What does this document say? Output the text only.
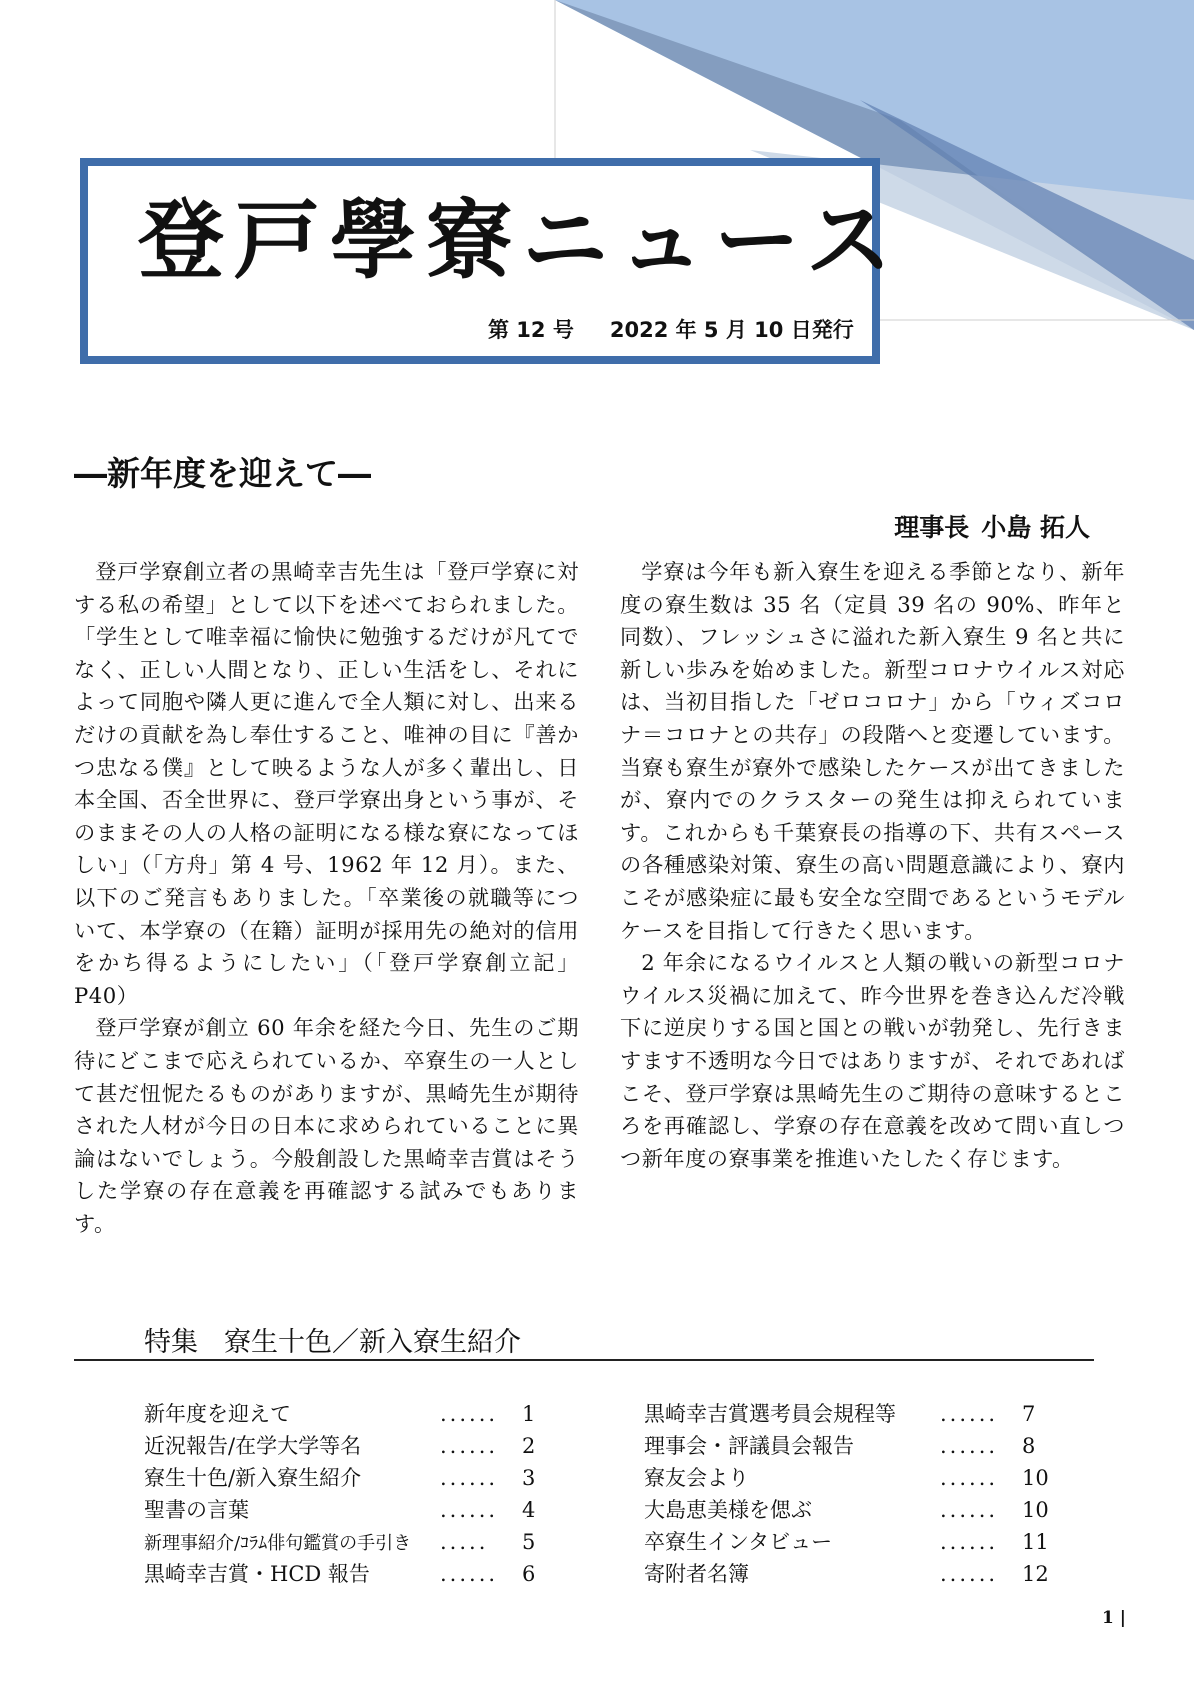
登戸學寮ニュース
第 12 号 2022 年 5 月 10 日発行
―新年度を迎えて―
理事長 小島 拓人

登戸学寮創立者の黒崎幸吉先生は「登戸学寮に対する私の希望」として以下を述べておられました。「学生として唯幸福に愉快に勉強するだけが凡てでなく、正しい人間となり、正しい生活をし、それによって同胞や隣人更に進んで全人類に対し、出来るだけの貢献を為し奉仕すること、唯神の目に『善かつ忠なる僕』として映るような人が多く輩出し、日本全国、否全世界に、登戸学寮出身という事が、そのままその人の人格の証明になる様な寮になってほしい」（「方舟」第 4 号、1962 年 12 月）。また、以下のご発言もありました。「卒業後の就職等について、本学寮の（在籍）証明が採用先の絶対的信用をかち得るようにしたい」（「登戸学寮創立記」P40）

登戸学寮が創立 60 年余を経た今日、先生のご期待にどこまで応えられているか、卒寮生の一人として甚だ忸怩たるものがありますが、黒崎先生が期待された人材が今日の日本に求められていることに異論はないでしょう。今般創設した黒崎幸吉賞はそうした学寮の存在意義を再確認する試みでもあります。

学寮は今年も新入寮生を迎える季節となり、新年度の寮生数は 35 名（定員 39 名の 90%、昨年と同数）、フレッシュさに溢れた新入寮生 9 名と共に新しい歩みを始めました。新型コロナウイルス対応は、当初目指した「ゼロコロナ」から「ウィズコロナ＝コロナとの共存」の段階へと変遷しています。当寮も寮生が寮外で感染したケースが出てきましたが、寮内でのクラスターの発生は抑えられています。これからも千葉寮長の指導の下、共有スペースの各種感染対策、寮生の高い問題意識により、寮内こそが感染症に最も安全な空間であるというモデルケースを目指して行きたく思います。

2 年余になるウイルスと人類の戦いの新型コロナウイルス災禍に加えて、昨今世界を巻き込んだ冷戦下に逆戻りする国と国との戦いが勃発し、先行きますます不透明な今日ではありますが、それであればこそ、登戸学寮は黒崎先生のご期待の意味するところを再確認し、学寮の存在意義を改めて問い直しつつ新年度の寮事業を推進いたしたく存じます。

特集 寮生十色／新入寮生紹介
新年度を迎えて	...... 1
近況報告/在学大学等名	...... 2
寮生十色/新入寮生紹介	...... 3
聖書の言葉	...... 4
新理事紹介/ｺﾗﾑ俳句鑑賞の手引き ..... 5
黒崎幸吉賞・HCD 報告	...... 6
黒崎幸吉賞選考員会規程等 ...... 7
理事会・評議員会報告	...... 8
寮友会より	...... 10
大島恵美様を偲ぶ	...... 10
卒寮生インタビュー	...... 11
寄附者名簿	...... 12
1 |
